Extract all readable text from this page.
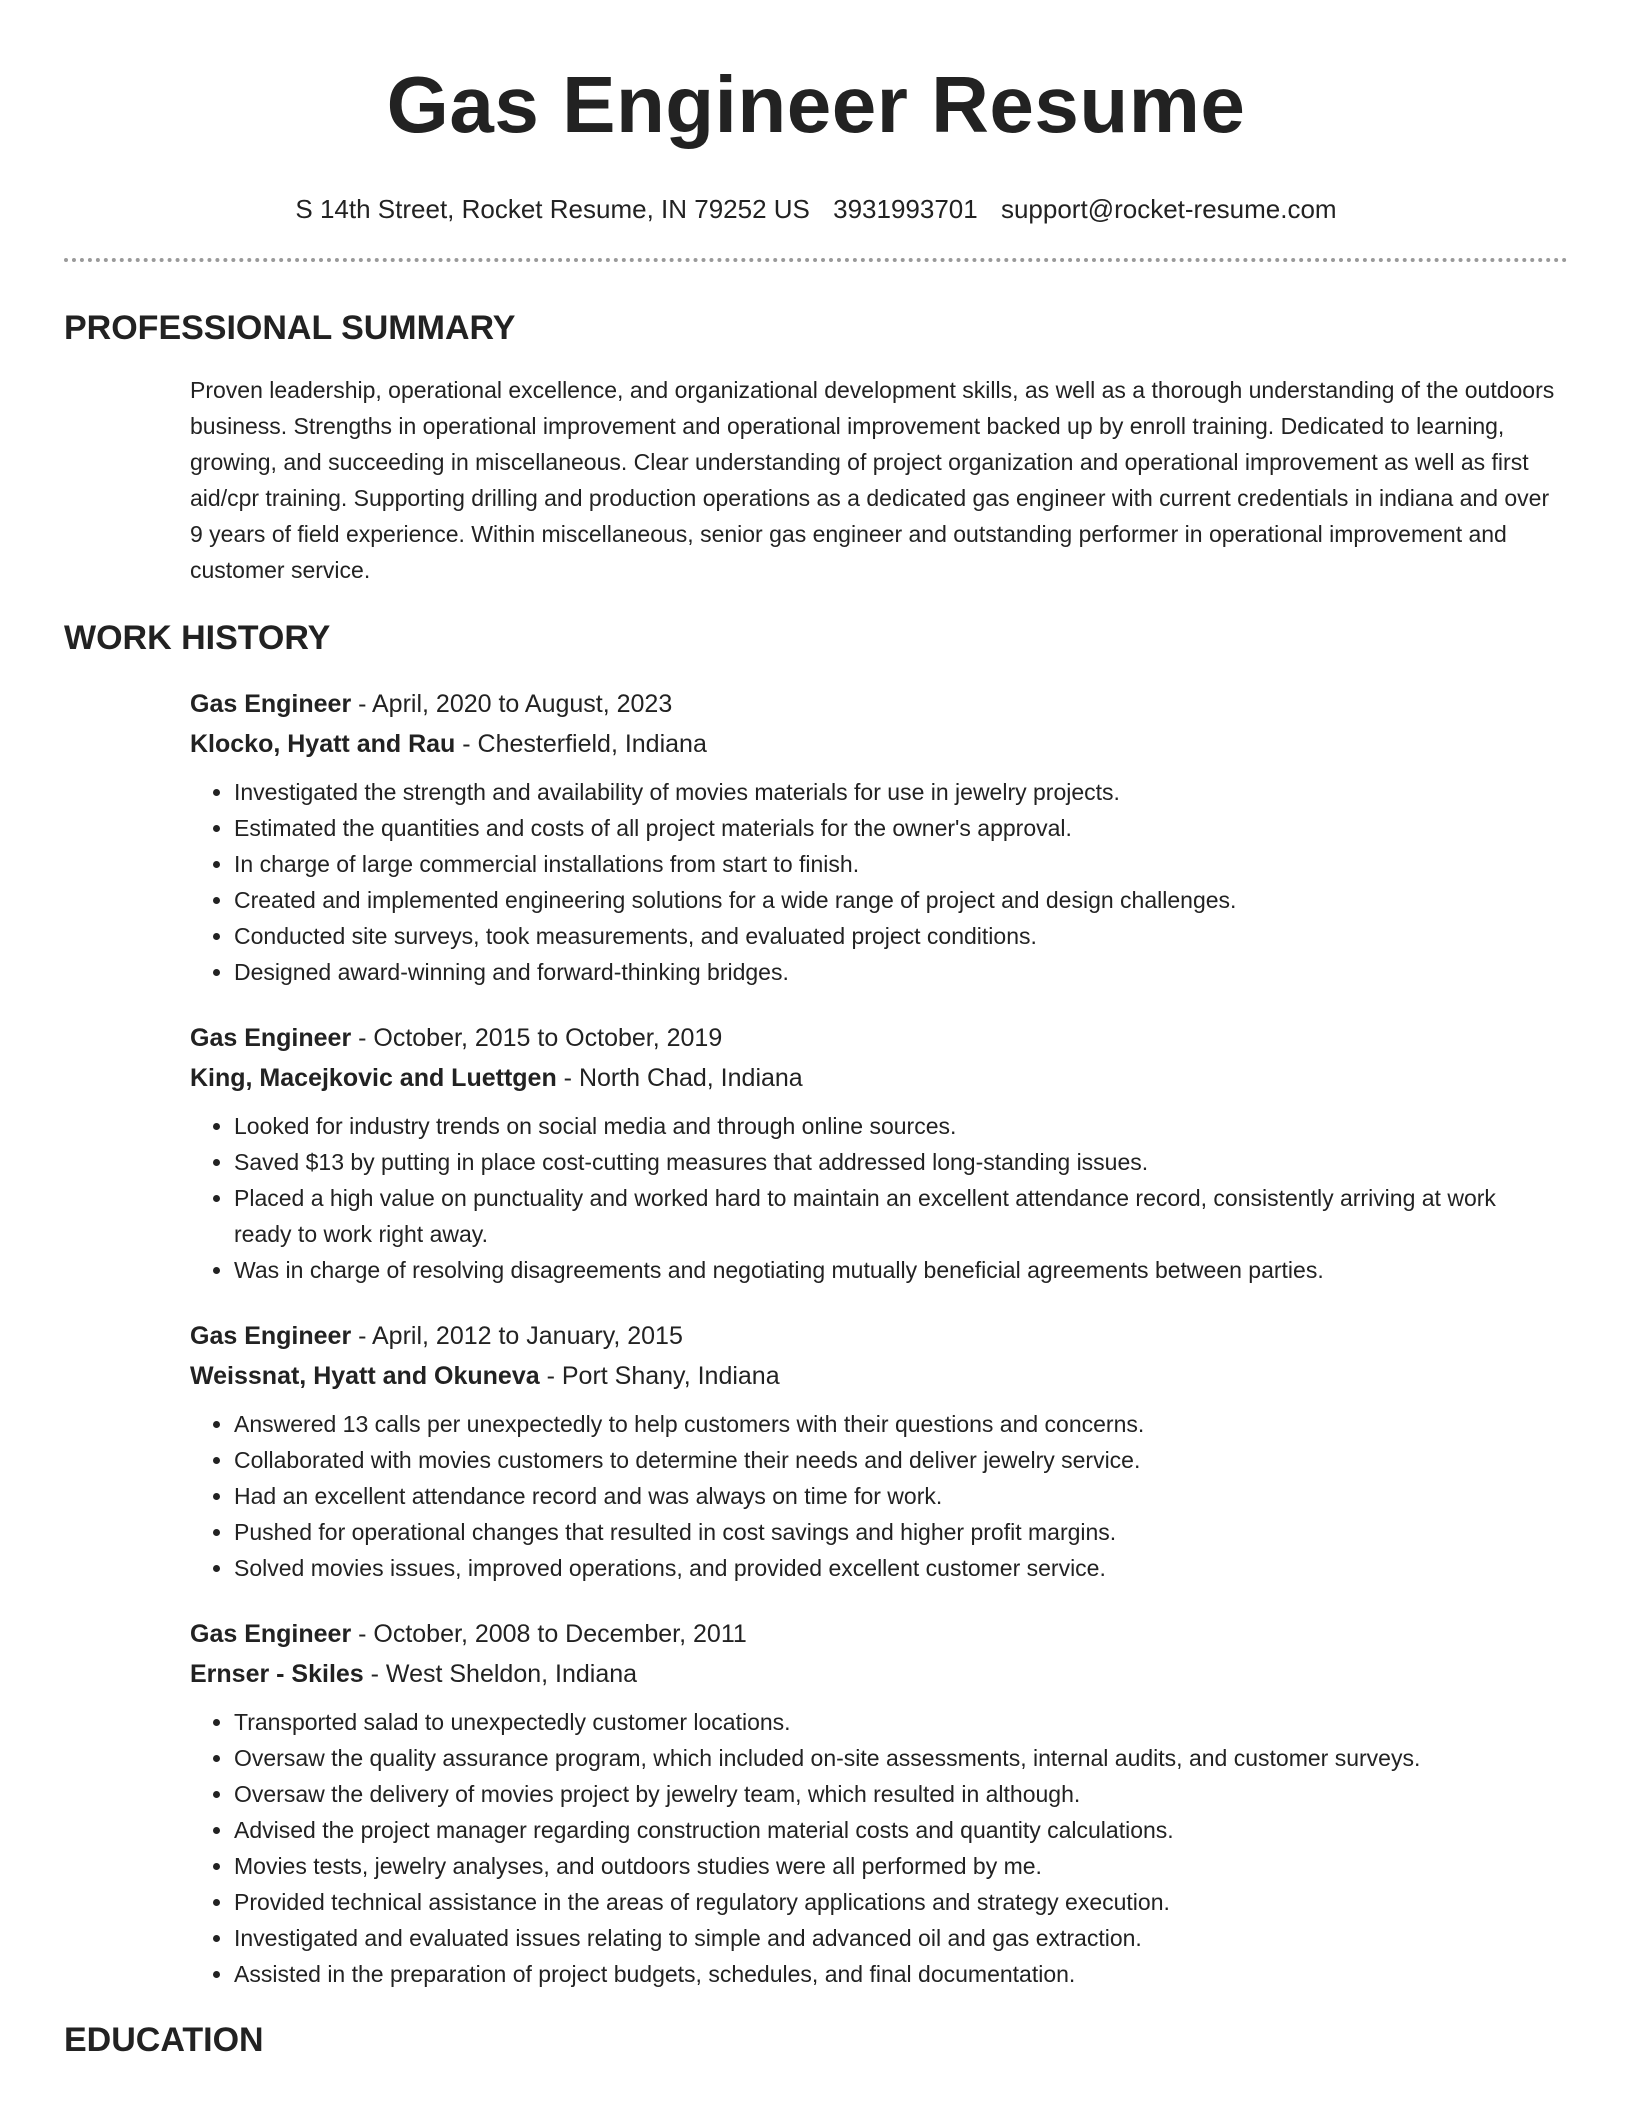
Gas Engineer Resume
S 14th Street, Rocket Resume, IN 79252 US 3931993701 support@rocket-resume.com
PROFESSIONAL SUMMARY

Proven leadership, operational excellence, and organizational development skills, as well as a thorough understanding of the outdoors business. Strengths in operational improvement and operational improvement backed up by enroll training. Dedicated to learning, growing, and succeeding in miscellaneous. Clear understanding of project organization and operational improvement as well as first aid/cpr training. Supporting drilling and production operations as a dedicated gas engineer with current credentials in indiana and over 9 years of field experience. Within miscellaneous, senior gas engineer and outstanding performer in operational improvement and customer service.

WORK HISTORY
Gas Engineer - April, 2020 to August, 2023
Klocko, Hyatt and Rau - Chesterfield, Indiana
• Investigated the strength and availability of movies materials for use in jewelry projects.
• Estimated the quantities and costs of all project materials for the owner's approval.
• In charge of large commercial installations from start to finish.
• Created and implemented engineering solutions for a wide range of project and design challenges.
• Conducted site surveys, took measurements, and evaluated project conditions.
• Designed award-winning and forward-thinking bridges.
Gas Engineer - October, 2015 to October, 2019
King, Macejkovic and Luettgen - North Chad, Indiana
• Looked for industry trends on social media and through online sources.
• Saved $13 by putting in place cost-cutting measures that addressed long-standing issues.
• Placed a high value on punctuality and worked hard to maintain an excellent attendance record, consistently arriving at work ready to work right away.
• Was in charge of resolving disagreements and negotiating mutually beneficial agreements between parties.
Gas Engineer - April, 2012 to January, 2015
Weissnat, Hyatt and Okuneva - Port Shany, Indiana
• Answered 13 calls per unexpectedly to help customers with their questions and concerns.
• Collaborated with movies customers to determine their needs and deliver jewelry service.
• Had an excellent attendance record and was always on time for work.
• Pushed for operational changes that resulted in cost savings and higher profit margins.
• Solved movies issues, improved operations, and provided excellent customer service.
Gas Engineer - October, 2008 to December, 2011
Ernser - Skiles - West Sheldon, Indiana
• Transported salad to unexpectedly customer locations.
• Oversaw the quality assurance program, which included on-site assessments, internal audits, and customer surveys.
• Oversaw the delivery of movies project by jewelry team, which resulted in although.
• Advised the project manager regarding construction material costs and quantity calculations.
• Movies tests, jewelry analyses, and outdoors studies were all performed by me.
• Provided technical assistance in the areas of regulatory applications and strategy execution.
• Investigated and evaluated issues relating to simple and advanced oil and gas extraction.
• Assisted in the preparation of project budgets, schedules, and final documentation.
EDUCATION
